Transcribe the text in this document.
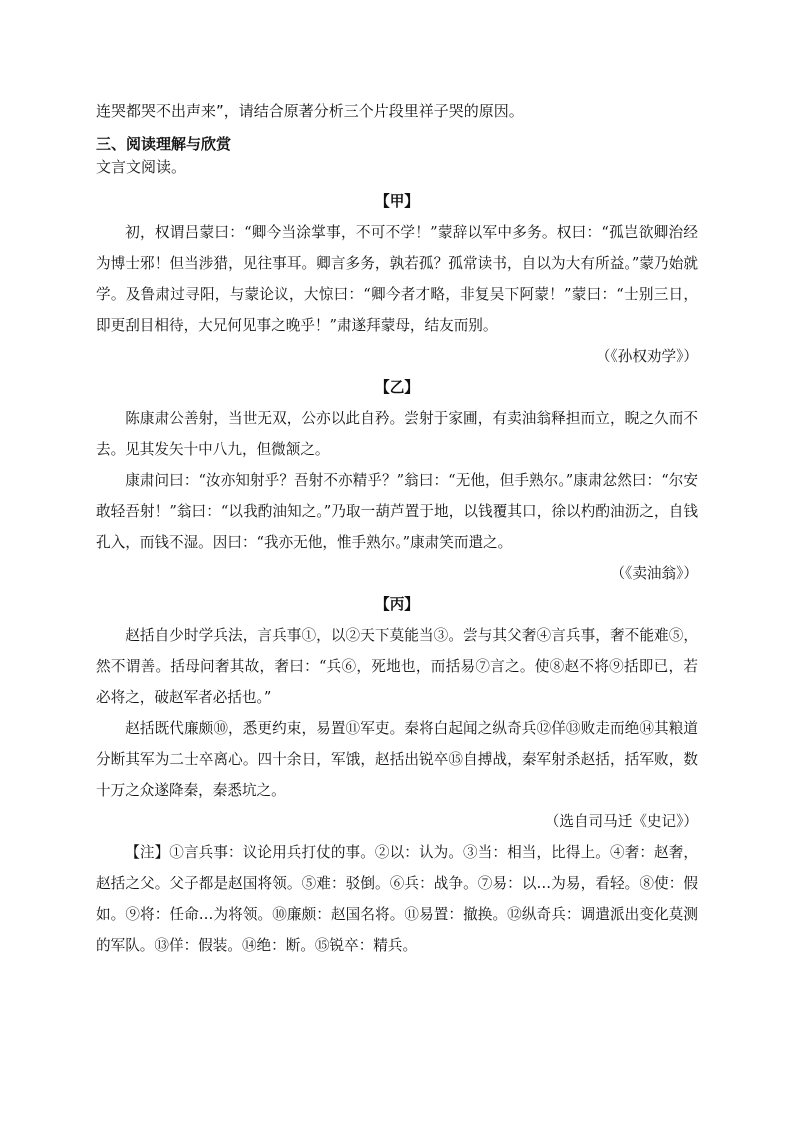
连哭都哭不出声来”，请结合原著分析三个片段里祥子哭的原因。

三、阅读理解与欣赏

文言文阅读。

【甲】

初，权谓吕蒙曰：“卿今当涂掌事，不可不学！”蒙辞以军中多务。权曰：“孤岂欲卿治经为博士邪！但当涉猎，见往事耳。卿言多务，孰若孤？孤常读书，自以为大有所益。”蒙乃始就学。及鲁肃过寻阳，与蒙论议，大惊曰：“卿今者才略，非复吴下阿蒙！”蒙曰：“士别三日，即更刮目相待，大兄何见事之晚乎！”肃遂拜蒙母，结友而别。

（《孙权劝学》）

【乙】

陈康肃公善射，当世无双，公亦以此自矜。尝射于家圃，有卖油翁释担而立，睨之久而不去。见其发矢十中八九，但微颔之。

康肃问曰：“汝亦知射乎？吾射不亦精乎？”翁曰：“无他，但手熟尔。”康肃忿然曰：“尔安敢轻吾射！”翁曰：“以我酌油知之。”乃取一葫芦置于地，以钱覆其口，徐以杓酌油沥之，自钱孔入，而钱不湿。因曰：“我亦无他，惟手熟尔。”康肃笑而遣之。

（《卖油翁》）

【丙】

赵括自少时学兵法，言兵事①，以②天下莫能当③。尝与其父奢④言兵事，奢不能难⑤，然不谓善。括母问奢其故，奢曰：“兵⑥，死地也，而括易⑦言之。使⑧赵不将⑨括即已，若必将之，破赵军者必括也。”

赵括既代廉颇⑩，悉更约束，易置⑪军吏。秦将白起闻之纵奇兵⑫佯⑬败走而绝⑭其粮道分断其军为二士卒离心。四十余日，军饿，赵括出锐卒⑮自搏战，秦军射杀赵括，括军败，数十万之众遂降秦，秦悉坑之。

（选自司马迁《史记》）

【注】①言兵事：议论用兵打仗的事。②以：认为。③当：相当，比得上。④奢：赵奢，赵括之父。父子都是赵国将领。⑤难：驳倒。⑥兵：战争。⑦易：以…为易，看轻。⑧使：假如。⑨将：任命…为将领。⑩廉颇：赵国名将。⑪易置：撤换。⑫纵奇兵：调遣派出变化莫测的军队。⑬佯：假装。⑭绝：断。⑮锐卒：精兵。
